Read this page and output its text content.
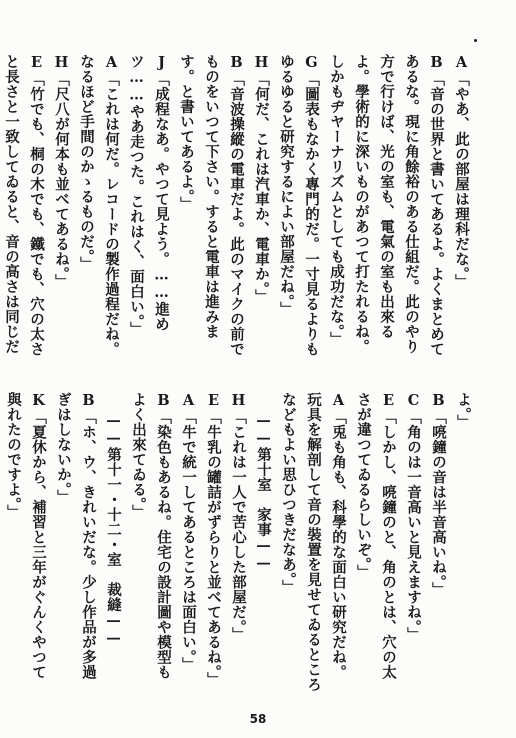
A「やあ、此の部屋は理科だな。」

B「音の世界と書いてあるよ。よくまとめてあるな。現に角餘裕のある仕組だ。此のやり方で行けば、光の室も、電氣の室も出來るよ。學術的に深いものがあつて打たれるね。しかもヂヤーナリズムとしても成功だな。」

G「圖表もなかく專門的だ。一寸見るよりもゆるゆると研究するによい部屋だね。」

H「何だ、これは汽車か、電車か。」

B「音波操縱の電車だよ。此のマイクの前でものをいつて下さい。すると電車は進みます。と書いてあるよ。」

J「成程なあ。やつて見よう。……進めツ……やあ走つた。これはく、面白い。」

A「これは何だ。レコードの製作過程だね。なるほど手間のかゝるものだ。」

H「尺八が何本も並べてあるね。」

E「竹でも、桐の木でも、鐵でも、穴の太さと長さと一致してゐると、音の高さは同じだ

よ。」

B「喨鐘の音は半音高いね。」

C「角のは一音高いと見えますね。」

E「しかし、喨鐘のと、角のとは、穴の太さが違つてゐるらしいぞ。」

A「兎も角も、科學的な面白い研究だね。玩具を解剖して音の裝置を見せてゐるところなどもよい思ひつきだなあ。」

——第十室　家事——

H「これは一人で苦心した部屋だ。」

E「牛乳の罐詰がずらりと並べてあるね。」

A「牛で統一してあるところは面白い。」

B「染色もあるね。住宅の設計圖や模型もよく出來てゐる。」

——第十一・十二・室　裁縫——

B「ホ、ウ、きれいだな。少し作品が多過ぎはしないか。」

K「夏休から、補習と三年がぐんくやつて與れたのですよ。」

58
